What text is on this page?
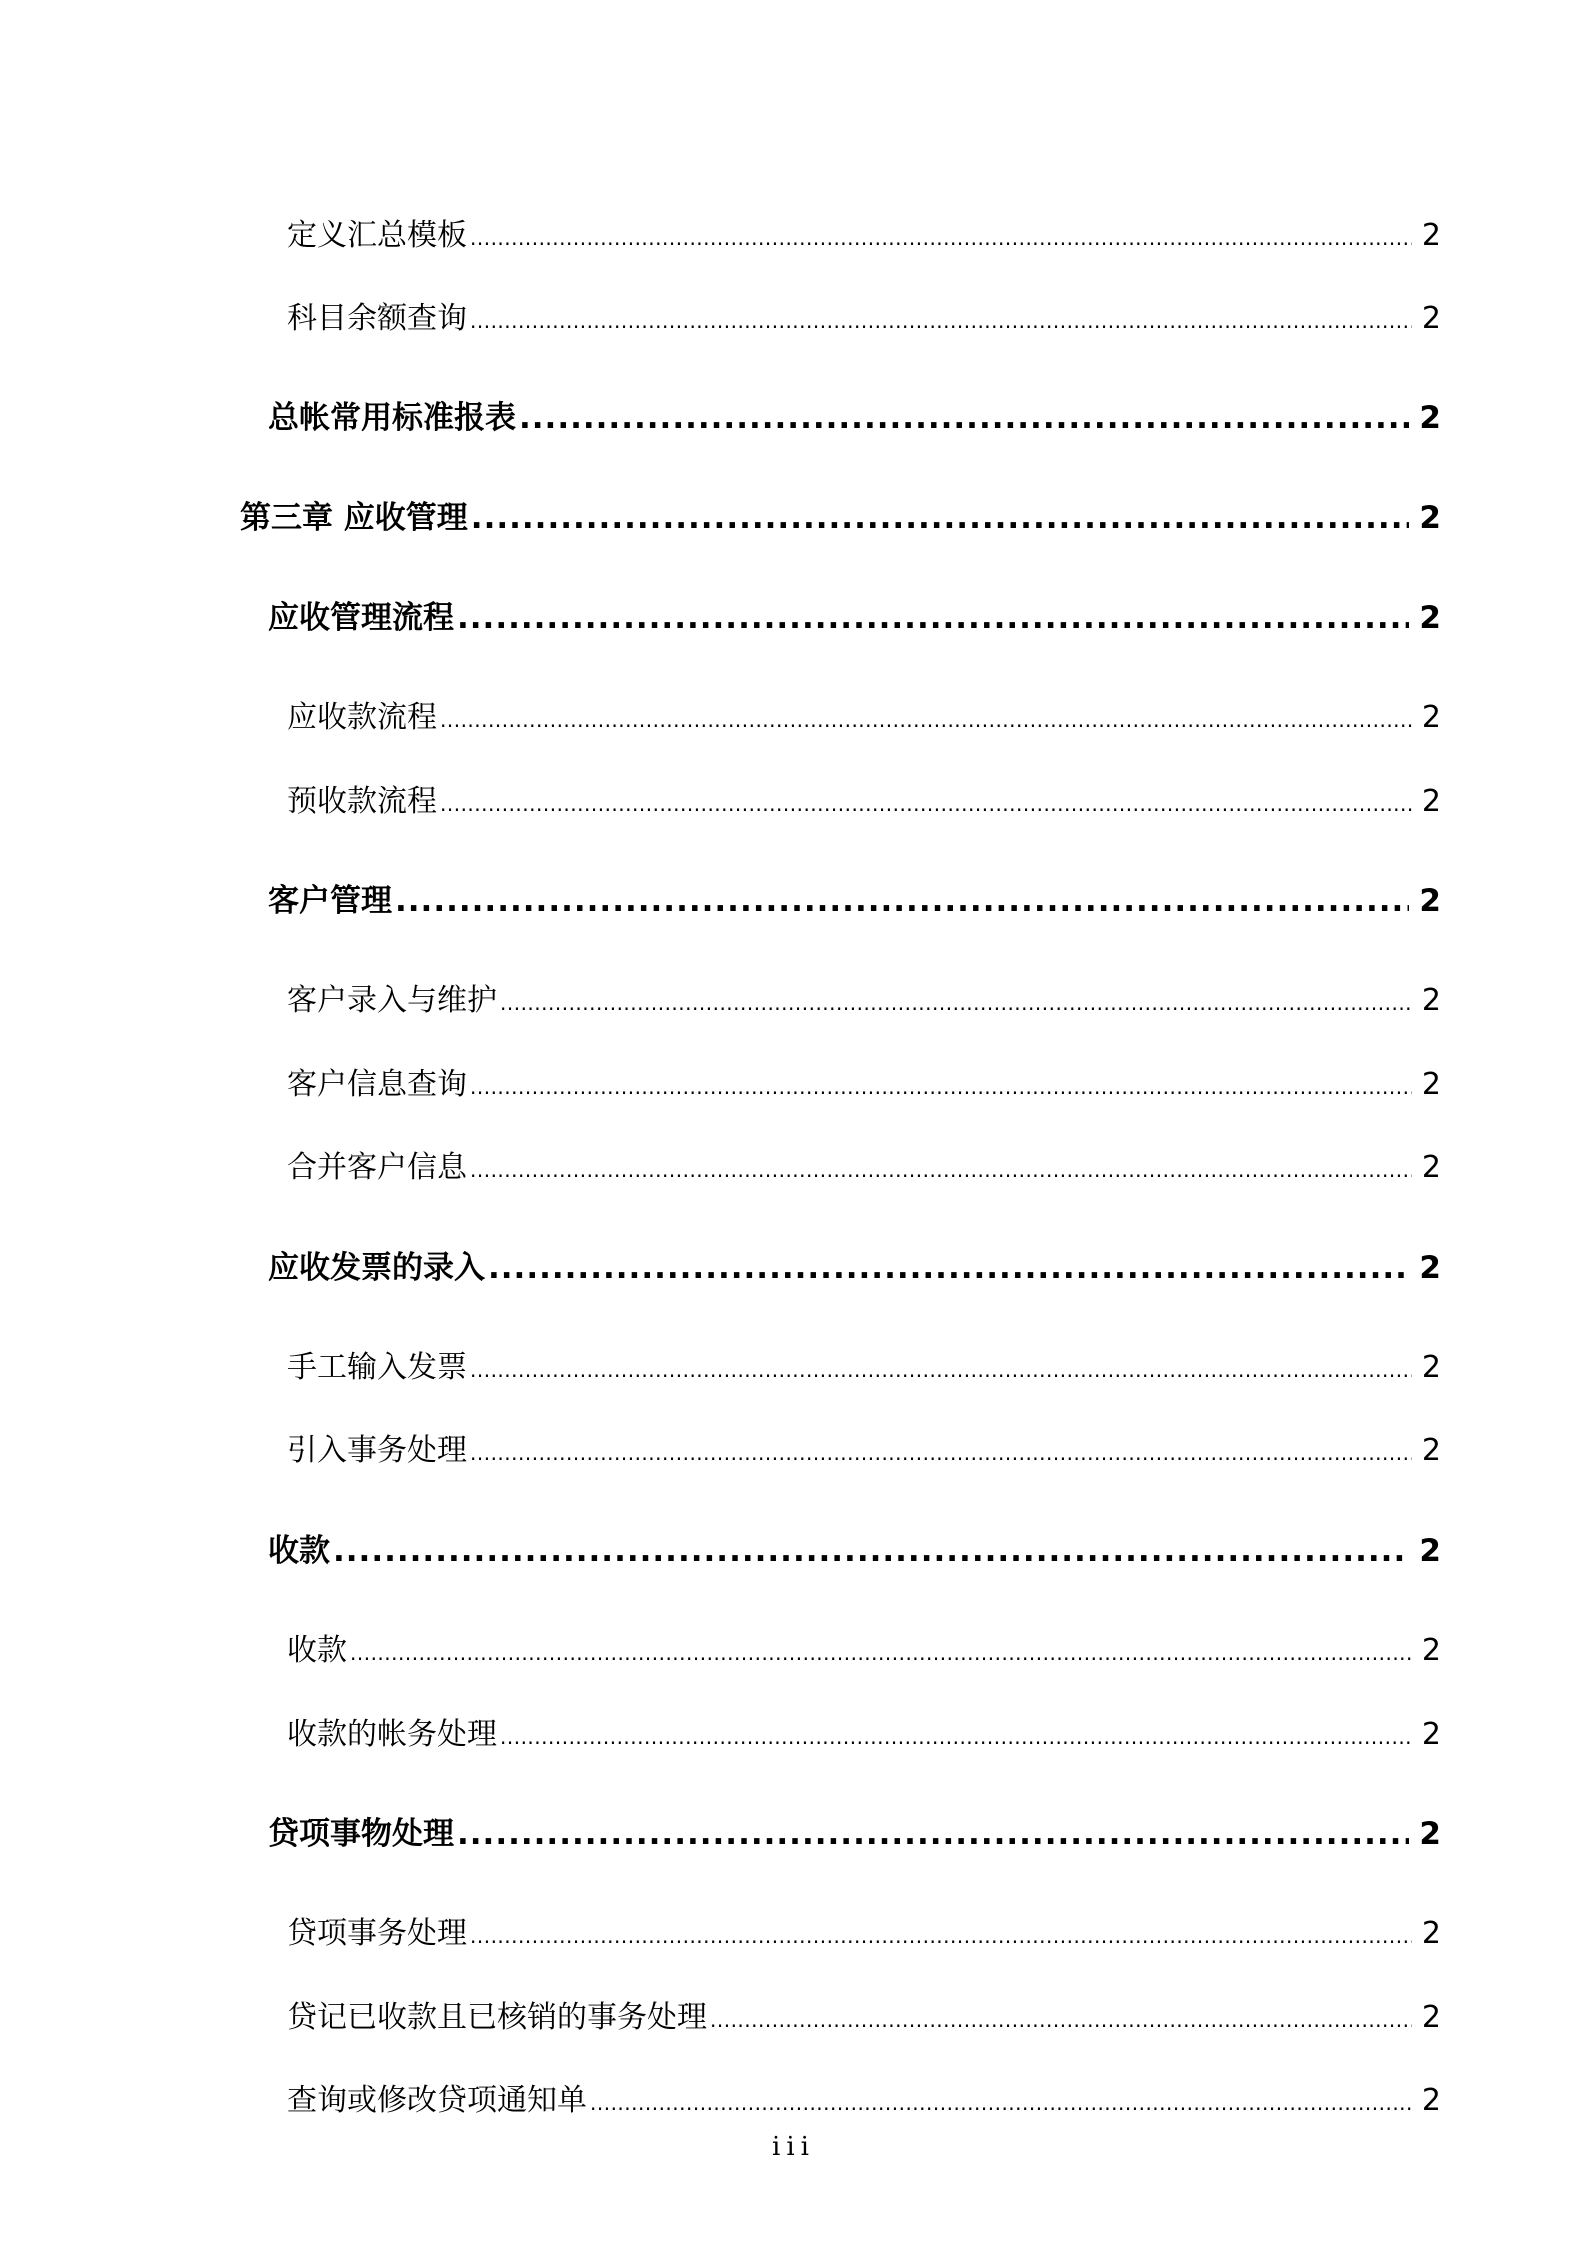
定义汇总模板 .....	2
科目余额查询 .....	2
总帐常用标准报表 .....	2
第三章 应收管理 .....	2
应收管理流程 .....	2
应收款流程 .....	2
预收款流程 .....	2
客户管理 .....	2
客户录入与维护 .....	2
客户信息查询 .....	2
合并客户信息 .....	2
应收发票的录入 .....	2
手工输入发票 .....	2
引入事务处理 .....	2
收款 .....	2
收款 .....	2
收款的帐务处理 .....	2
贷项事物处理 .....	2
贷项事务处理 .....	2
贷记已收款且已核销的事务处理 .....	2
查询或修改贷项通知单 .....	2
iii
